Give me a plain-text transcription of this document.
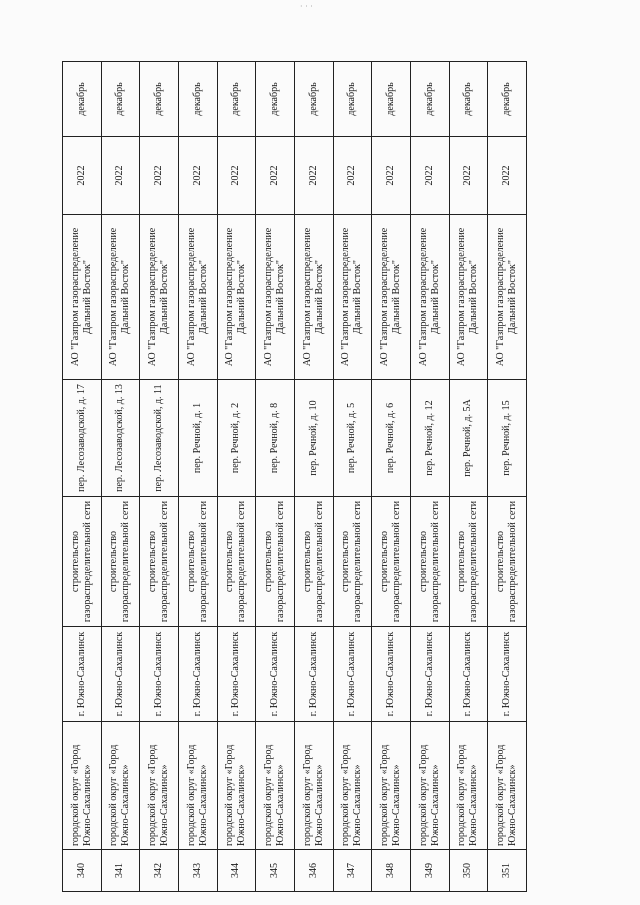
340	городской округ «Город Южно-Сахалинск»	г. Южно-Сахалинск	строительство газораспределительной сети	пер. Лесозаводской, д. 17	АО "Газпром газораспределение Дальний Восток"	2022	декабрь
341	городской округ «Город Южно-Сахалинск»	г. Южно-Сахалинск	строительство газораспределительной сети	пер. Лесозаводской, д. 13	АО "Газпром газораспределение Дальний Восток"	2022	декабрь
342	городской округ «Город Южно-Сахалинск»	г. Южно-Сахалинск	строительство газораспределительной сети	пер. Лесозаводской, д. 11	АО "Газпром газораспределение Дальний Восток"	2022	декабрь
343	городской округ «Город Южно-Сахалинск»	г. Южно-Сахалинск	строительство газораспределительной сети	пер. Речной, д. 1	АО "Газпром газораспределение Дальний Восток"	2022	декабрь
344	городской округ «Город Южно-Сахалинск»	г. Южно-Сахалинск	строительство газораспределительной сети	пер. Речной, д. 2	АО "Газпром газораспределение Дальний Восток"	2022	декабрь
345	городской округ «Город Южно-Сахалинск»	г. Южно-Сахалинск	строительство газораспределительной сети	пер. Речной, д. 8	АО "Газпром газораспределение Дальний Восток"	2022	декабрь
346	городской округ «Город Южно-Сахалинск»	г. Южно-Сахалинск	строительство газораспределительной сети	пер. Речной, д. 10	АО "Газпром газораспределение Дальний Восток"	2022	декабрь
347	городской округ «Город Южно-Сахалинск»	г. Южно-Сахалинск	строительство газораспределительной сети	пер. Речной, д. 5	АО "Газпром газораспределение Дальний Восток"	2022	декабрь
348	городской округ «Город Южно-Сахалинск»	г. Южно-Сахалинск	строительство газораспределительной сети	пер. Речной, д. 6	АО "Газпром газораспределение Дальний Восток"	2022	декабрь
349	городской округ «Город Южно-Сахалинск»	г. Южно-Сахалинск	строительство газораспределительной сети	пер. Речной, д. 12	АО "Газпром газораспределение Дальний Восток"	2022	декабрь
350	городской округ «Город Южно-Сахалинск»	г. Южно-Сахалинск	строительство газораспределительной сети	пер. Речной, д. 5А	АО "Газпром газораспределение Дальний Восток"	2022	декабрь
351	городской округ «Город Южно-Сахалинск»	г. Южно-Сахалинск	строительство газораспределительной сети	пер. Речной, д. 15	АО "Газпром газораспределение Дальний Восток"	2022	декабрь
· · ·
